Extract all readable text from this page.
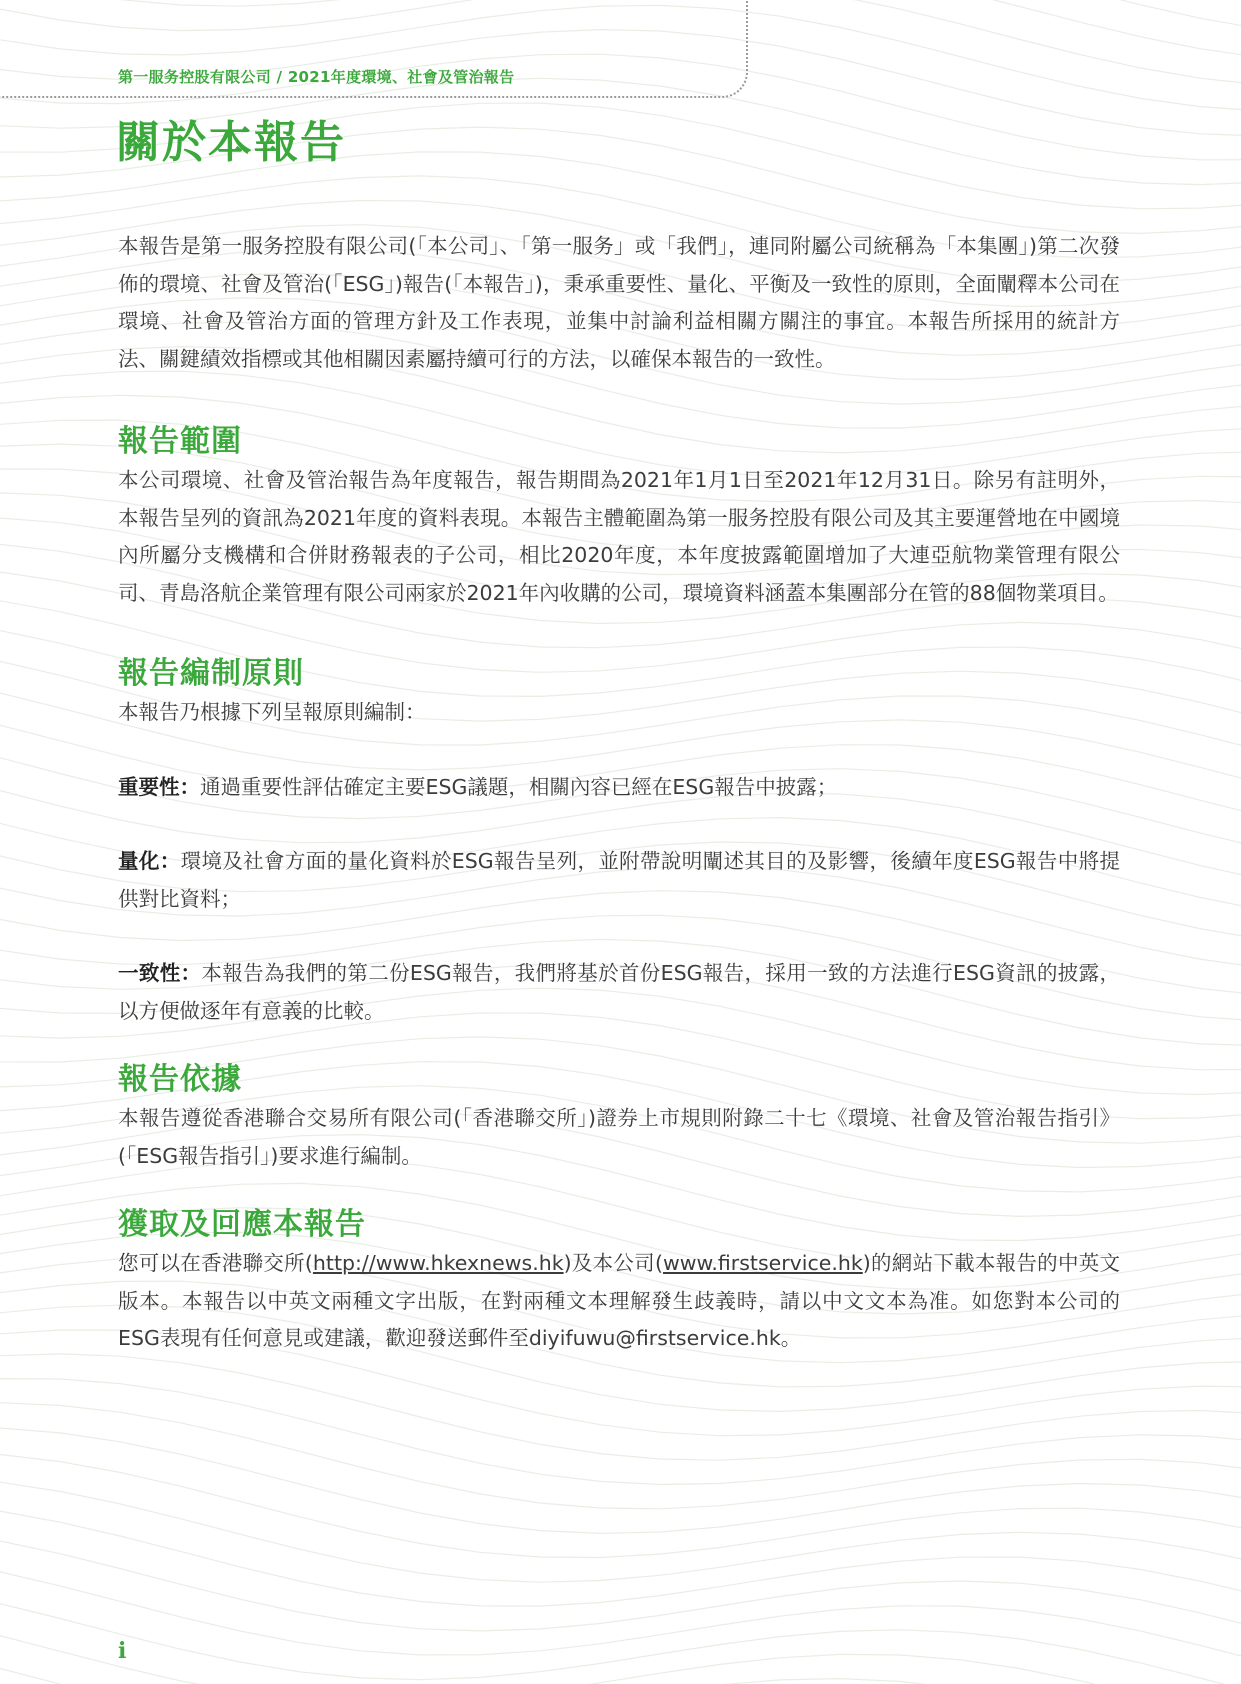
第一服务控股有限公司 / 2021年度環境、社會及管治報告
關於本報告

本報告是第一服务控股有限公司(「本公司」、「第一服务」或「我們」，連同附屬公司統稱為「本集團」)第二次發佈的環境、社會及管治(「ESG」)報告(「本報告」)，秉承重要性、量化、平衡及一致性的原則，全面闡釋本公司在環境、社會及管治方面的管理方針及工作表現，並集中討論利益相關方關注的事宜。本報告所採用的統計方法、關鍵績效指標或其他相關因素屬持續可行的方法，以確保本報告的一致性。

報告範圍

本公司環境、社會及管治報告為年度報告，報告期間為2021年1月1日至2021年12月31日。除另有註明外，本報告呈列的資訊為2021年度的資料表現。本報告主體範圍為第一服务控股有限公司及其主要運營地在中國境內所屬分支機構和合併財務報表的子公司，相比2020年度，本年度披露範圍增加了大連亞航物業管理有限公司、青島洛航企業管理有限公司兩家於2021年內收購的公司，環境資料涵蓋本集團部分在管的88個物業項目。

報告編制原則

本報告乃根據下列呈報原則編制：

重要性：通過重要性評估確定主要ESG議題，相關內容已經在ESG報告中披露；

量化：環境及社會方面的量化資料於ESG報告呈列，並附帶說明闡述其目的及影響，後續年度ESG報告中將提供對比資料；

一致性：本報告為我們的第二份ESG報告，我們將基於首份ESG報告，採用一致的方法進行ESG資訊的披露，以方便做逐年有意義的比較。

報告依據

本報告遵從香港聯合交易所有限公司(「香港聯交所」)證券上市規則附錄二十七《環境、社會及管治報告指引》(「ESG報告指引」)要求進行編制。

獲取及回應本報告

您可以在香港聯交所(http://www.hkexnews.hk)及本公司(www.firstservice.hk)的網站下載本報告的中英文版本。本報告以中英文兩種文字出版，在對兩種文本理解發生歧義時，請以中文文本為准。如您對本公司的ESG表現有任何意見或建議，歡迎發送郵件至diyifuwu@firstservice.hk。

i
